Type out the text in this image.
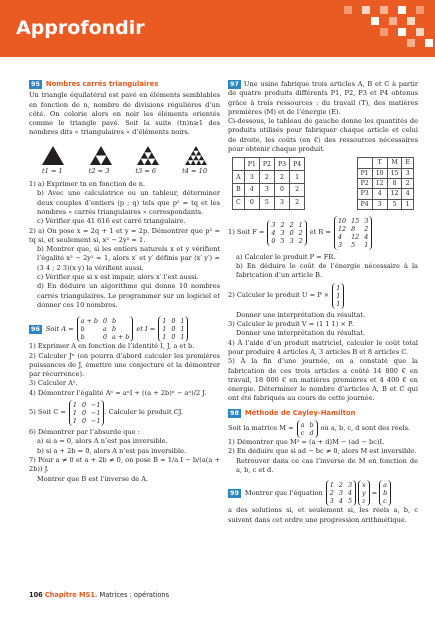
Approfondir
95 Nombres carrés triangulaires

Un triangle équilatéral est pavé en éléments semblables en fonction de n, nombre de divisions régulières d’un côté. On colorie alors en noir les éléments orientés comme le triangle pavé. Soit la suite (tn)n≥1 des nombres dits « triangulaires » d’éléments noirs.

t1 = 1	t2 = 3	t3 = 6	t4 = 10

1) a) Exprimer tn en fonction de n.

b) Avec une calculatrice ou un tableur, déterminer deux couples d’entiers (p ; q) tels que p² = tq et les nombres « carrés triangulaires » correspondants.

c) Vérifier que 41 616 est carré triangulaire.

2) a) On pose x = 2q + 1 et y = 2p. Démontrer que p² = tq si, et seulement si, x² − 2y² = 1.

b) Montrer que, si les entiers naturels x et y vérifient l’égalité x² − 2y² = 1, alors x′ et y′ définis par (x′ y′) = (3 4 ; 2 3)(x y) la vérifient aussi.

c) Vérifier que si x est impair, alors x′ l’est aussi.

d) En déduire un algorithme qui donne 10 nombres carrés triangulaires. Le programmer sur un logiciel et donner ces 10 nombres.

96 Soit A =
a + b 0 b
b	a b
b	0 a + b
et I =
1 0 1
1 0 1
1 0 1

1) Exprimer A en fonction de l’identité I, J, a et b.

2) Calculer Jⁿ (on pourra d’abord calculer les premières puissances de J, émettre une conjecture et la démontrer par récurrence).

3) Calculer A².

4) Démontrer l’égalité Aⁿ = aⁿI + ((a + 2b)ⁿ − aⁿ)/2 J.

5) Soit C =
1 0 −1
1 0 −1
1 0 −1
. Calculer le produit CJ.

6) Démontrer par l’absurde que :

a) si a = 0, alors A n’est pas inversible.

b) si a + 2b = 0, alors A n’est pas inversible.

7) Pour a ≠ 0 et a + 2b ≠ 0, on pose B = 1/a I − b/(a(a + 2b)) J.

Montrer que B est l’inverse de A.

97 Une usine fabrique trois articles A, B et C à partir de quatre produits différents P1, P2, P3 et P4 obtenus grâce à trois ressources : du travail (T), des matières premières (M) et de l’énergie (E).

Ci-dessous, le tableau de gauche donne les quantités de produits utilisés pour fabriquer chaque article et celui de droite, les coûts (en €) des ressources nécessaires pour obtenir chaque produit.

	P1	P2	P3	P4
A	3	2	2	1
B	4	3	0	2
C	0	5	3	2
	T	M	E
P1	10	15	3
P2	12	8	2
P3	4	12	4
P4	3	5	1
1) Soit F =
3 2 2 1
4 3 0 2
0 5 3 2
et R =
10 15 3
12 8	2
4	12 4
3	5	1

a) Calculer le produit P = FR.

b) En déduire le coût de l’énergie nécessaire à la fabrication d’un article B.

2) Calculer le produit U = P ×
1
1
1

Donner une interprétation du résultat.

3) Calculer le produit V = (1 1 1) × P.

Donner une interprétation du résultat.

4) À l’aide d’un produit matriciel, calculer le coût total pour produire 4 articles A, 3 articles B et 8 articles C.

5) À la fin d’une journée, on a constaté que la fabrication de ces trois articles a coûté 14 800 € en travail, 18 000 € en matières premières et 4 400 € en énergie. Déterminer le nombre d’articles A, B et C qui ont été fabriqués au cours de cette journée.

98 Méthode de Cayley-Hamilton
Soit la matrice M = a b
c d
où a, b, c, d sont des réels.

1) Démontrer que M² = (a + d)M − (ad − bc)I.

2) En déduire que si ad − bc ≠ 0, alors M est inversible.

Retrouver dans ce cas l’inverse de M en fonction de a, b, c et d.

99 Montrer que l’équation
1 2 3
2 3 4
3 4 5
x
y
z
=
a
b
c

a des solutions si, et seulement si, les réels a, b, c suivent dans cet ordre une progression arithmétique.

106 Chapitre MS1. Matrices : opérations
